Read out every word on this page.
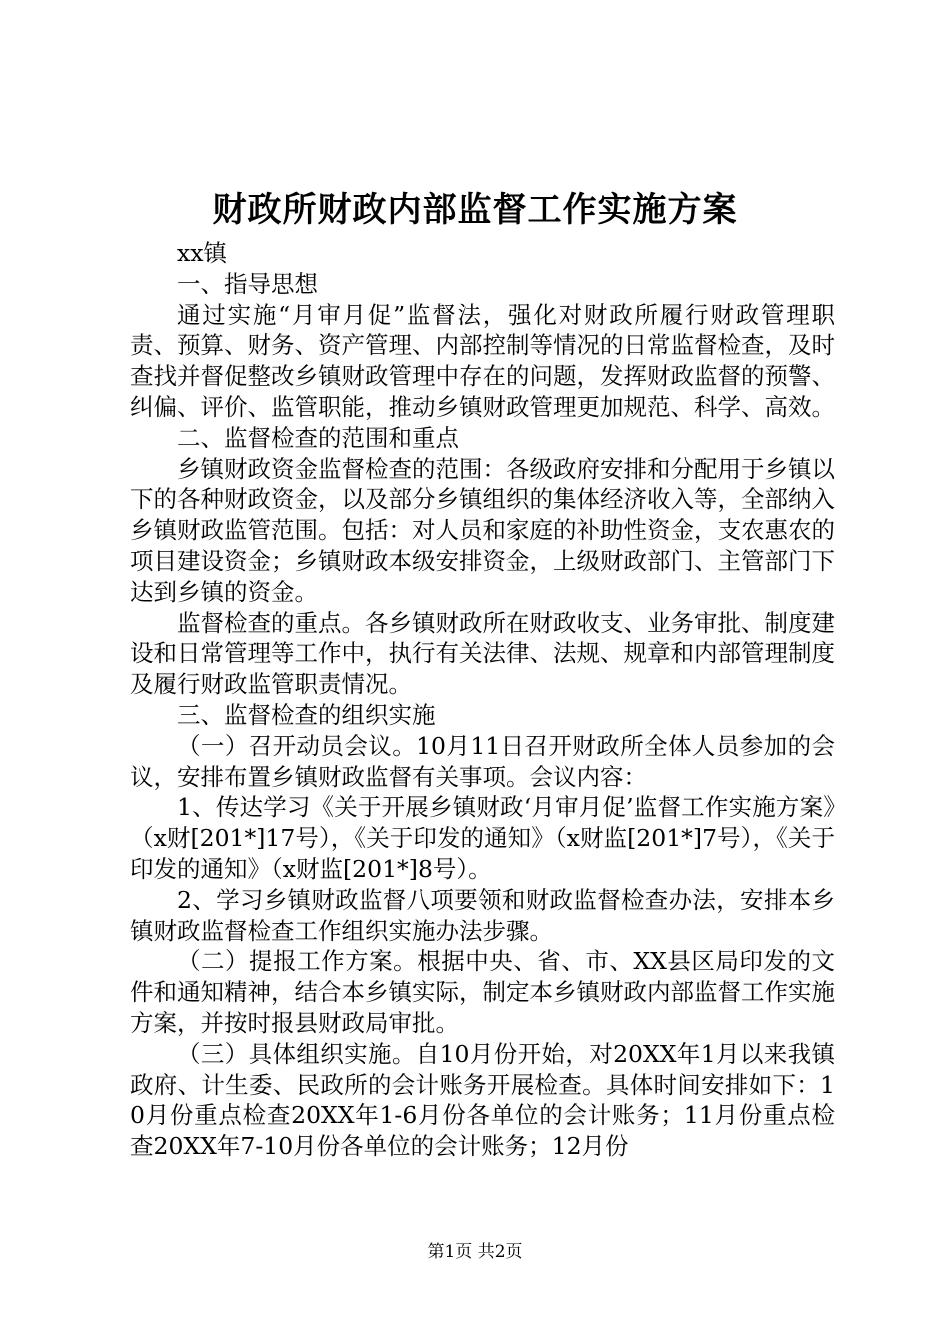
财政所财政内部监督工作实施方案

xx镇

一、指导思想

通过实施“月审月促”监督法，强化对财政所履行财政管理职责、预算、财务、资产管理、内部控制等情况的日常监督检查，及时查找并督促整改乡镇财政管理中存在的问题，发挥财政监督的预警、纠偏、评价、监管职能，推动乡镇财政管理更加规范、科学、高效。

二、监督检查的范围和重点

乡镇财政资金监督检查的范围：各级政府安排和分配用于乡镇以下的各种财政资金，以及部分乡镇组织的集体经济收入等，全部纳入乡镇财政监管范围。包括：对人员和家庭的补助性资金，支农惠农的项目建设资金；乡镇财政本级安排资金，上级财政部门、主管部门下达到乡镇的资金。

监督检查的重点。各乡镇财政所在财政收支、业务审批、制度建设和日常管理等工作中，执行有关法律、法规、规章和内部管理制度及履行财政监管职责情况。

三、监督检查的组织实施

（一）召开动员会议。10月11日召开财政所全体人员参加的会议，安排布置乡镇财政监督有关事项。会议内容：

1、传达学习《关于开展乡镇财政‘月审月促’监督工作实施方案》（x财[201*]17号），《关于印发的通知》（x财监[201*]7号），《关于印发的通知》（x财监[201*]8号）。

2、学习乡镇财政监督八项要领和财政监督检查办法，安排本乡镇财政监督检查工作组织实施办法步骤。

（二）提报工作方案。根据中央、省、市、XX县区局印发的文件和通知精神，结合本乡镇实际，制定本乡镇财政内部监督工作实施方案，并按时报县财政局审批。

（三）具体组织实施。自10月份开始，对20XX年1月以来我镇政府、计生委、民政所的会计账务开展检查。具体时间安排如下：10月份重点检查20XX年1-6月份各单位的会计账务；11月份重点检查20XX年7-10月份各单位的会计账务；12月份

第1页 共2页
